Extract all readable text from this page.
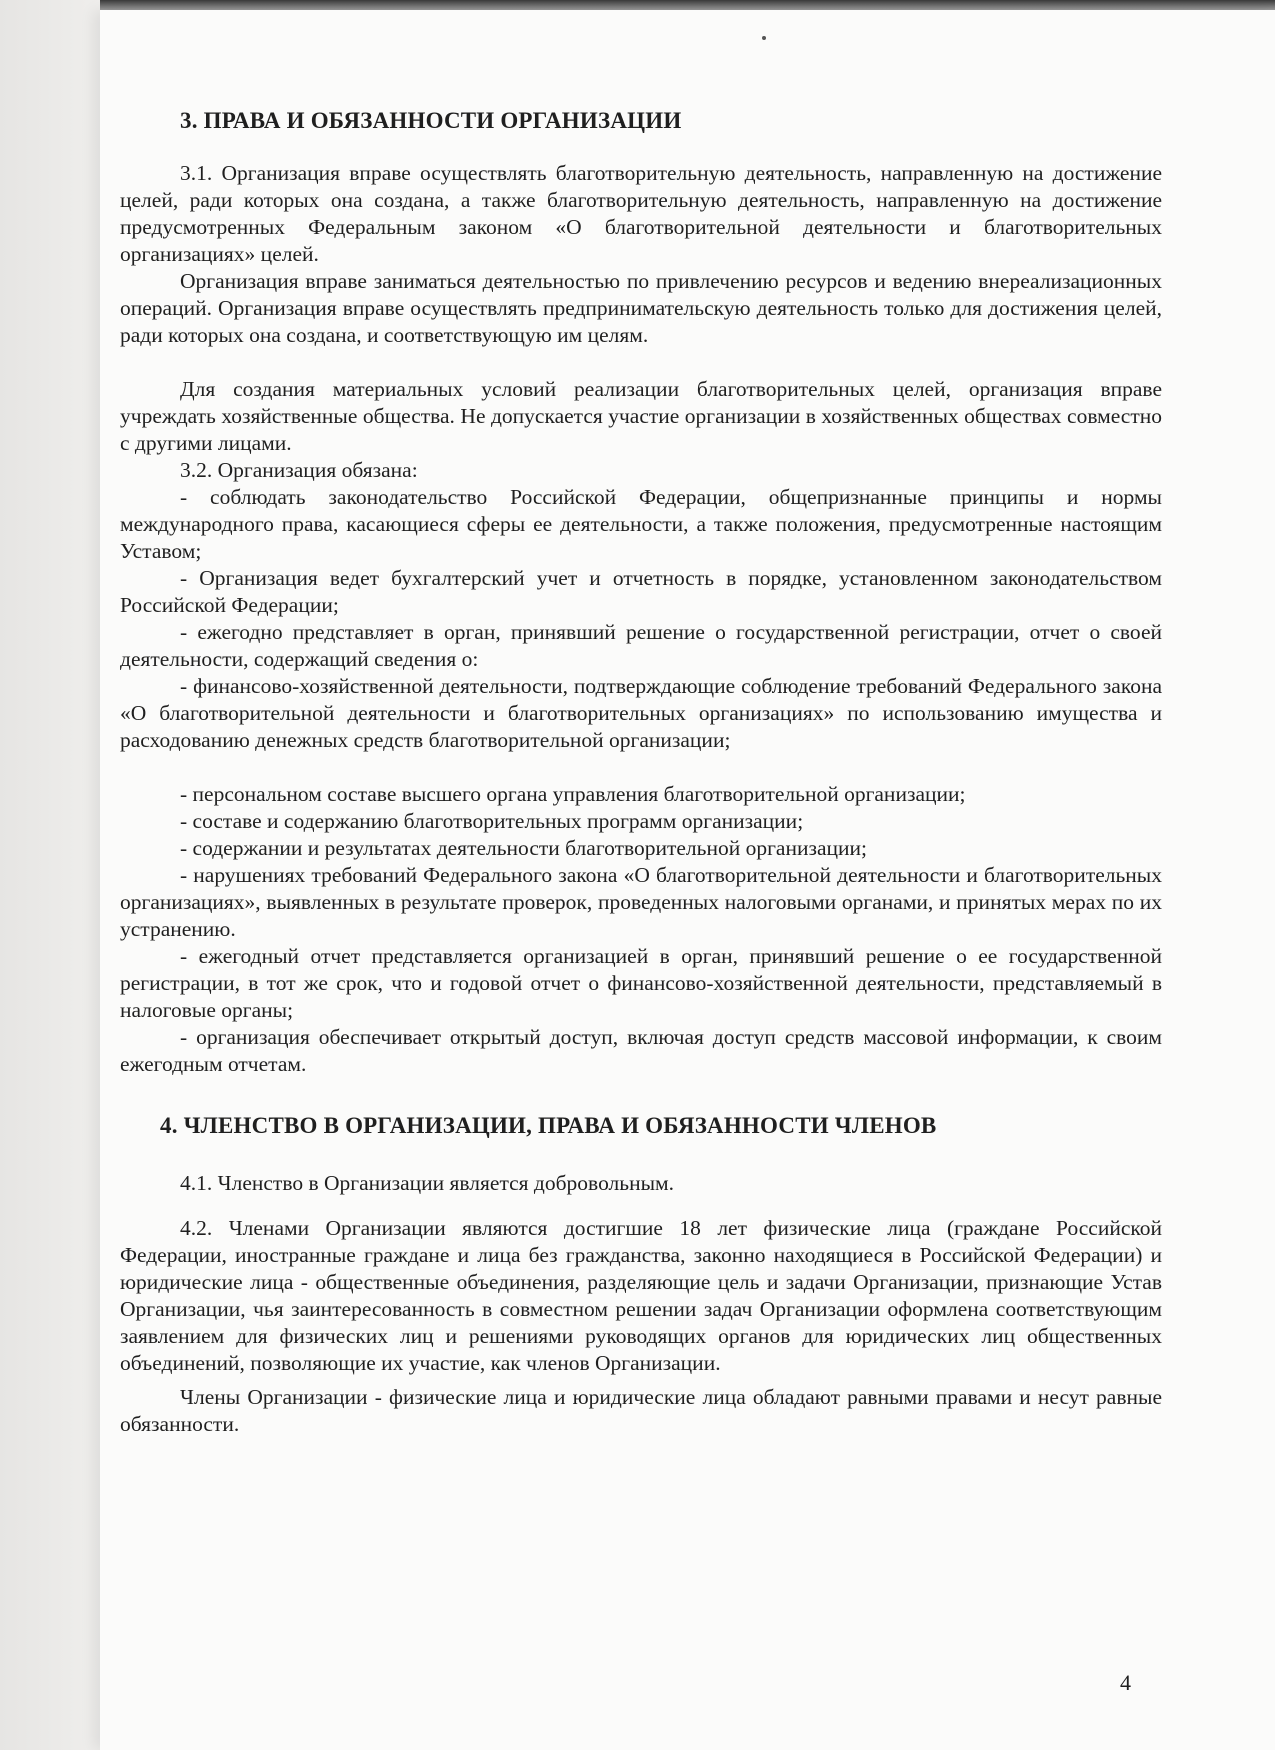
3. ПРАВА И ОБЯЗАННОСТИ ОРГАНИЗАЦИИ

3.1. Организация вправе осуществлять благотворительную деятельность, направленную на достижение целей, ради которых она создана, а также благотворительную деятельность, направленную на достижение предусмотренных Федеральным законом «О благотворительной деятельности и благотворительных организациях» целей.

Организация вправе заниматься деятельностью по привлечению ресурсов и ведению внереализационных операций. Организация вправе осуществлять предпринимательскую деятельность только для достижения целей, ради которых она создана, и соответствующую им целям.

Для создания материальных условий реализации благотворительных целей, организация вправе учреждать хозяйственные общества. Не допускается участие организации в хозяйственных обществах совместно с другими лицами.

3.2. Организация обязана:

- соблюдать законодательство Российской Федерации, общепризнанные принципы и нормы международного права, касающиеся сферы ее деятельности, а также положения, предусмотренные настоящим Уставом;

- Организация ведет бухгалтерский учет и отчетность в порядке, установленном законодательством Российской Федерации;

- ежегодно представляет в орган, принявший решение о государственной регистрации, отчет о своей деятельности, содержащий сведения о:

- финансово-хозяйственной деятельности, подтверждающие соблюдение требований Федерального закона «О благотворительной деятельности и благотворительных организациях» по использованию имущества и расходованию денежных средств благотворительной организации;

- персональном составе высшего органа управления благотворительной организации;

- составе и содержанию благотворительных программ организации;

- содержании и результатах деятельности благотворительной организации;

- нарушениях требований Федерального закона «О благотворительной деятельности и благотворительных организациях», выявленных в результате проверок, проведенных налоговыми органами, и принятых мерах по их устранению.

- ежегодный отчет представляется организацией в орган, принявший решение о ее государственной регистрации, в тот же срок, что и годовой отчет о финансово-хозяйственной деятельности, представляемый в налоговые органы;

- организация обеспечивает открытый доступ, включая доступ средств массовой информации, к своим ежегодным отчетам.

4. ЧЛЕНСТВО В ОРГАНИЗАЦИИ, ПРАВА И ОБЯЗАННОСТИ ЧЛЕНОВ

4.1. Членство в Организации является добровольным.

4.2. Членами Организации являются достигшие 18 лет физические лица (граждане Российской Федерации, иностранные граждане и лица без гражданства, законно находящиеся в Российской Федерации) и юридические лица - общественные объединения, разделяющие цель и задачи Организации, признающие Устав Организации, чья заинтересованность в совместном решении задач Организации оформлена соответствующим заявлением для физических лиц и решениями руководящих органов для юридических лиц общественных объединений, позволяющие их участие, как членов Организации.

Члены Организации - физические лица и юридические лица обладают равными правами и несут равные обязанности.

4
